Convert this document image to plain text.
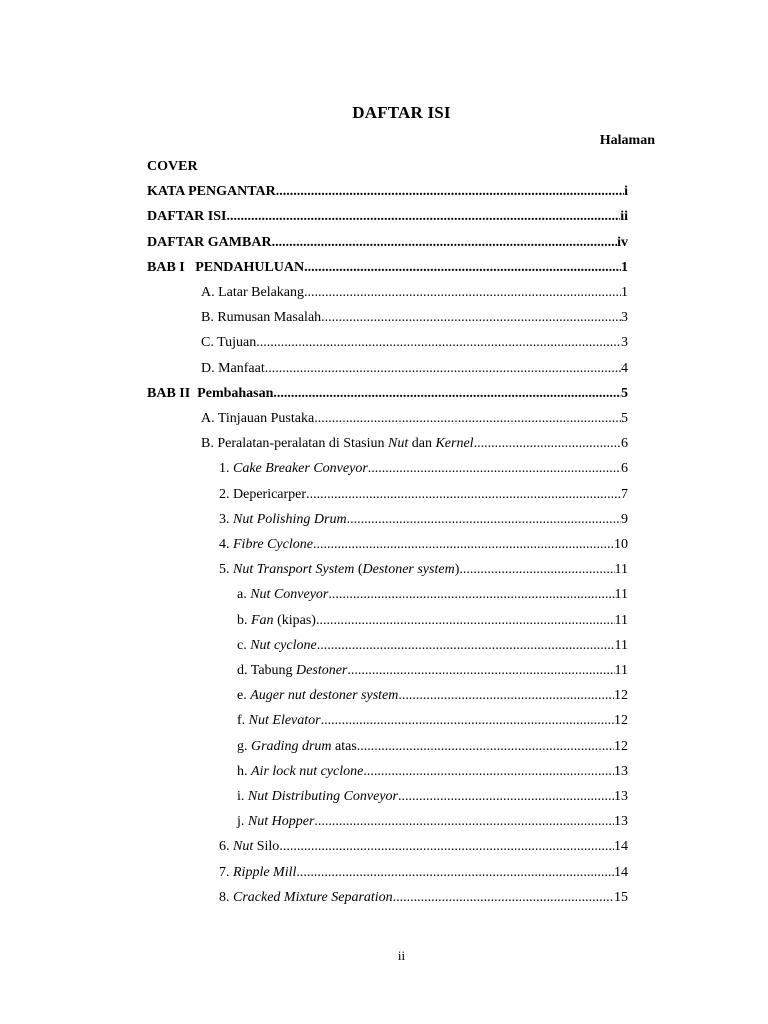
DAFTAR ISI
Halaman
COVER
KATA PENGANTAR .....	i
DAFTAR ISI .....	ii
DAFTAR GAMBAR .....	iv
BAB I   PENDAHULUAN .....	1
A. Latar Belakang .....	1
B. Rumusan Masalah .....	3
C. Tujuan .....	3
D. Manfaat .....	4
BAB II  Pembahasan .....	5
A. Tinjauan Pustaka .....	5
B. Peralatan-peralatan di Stasiun Nut dan Kernel .....	6
1. Cake Breaker Conveyor .....	6
2. Depericarper .....	7
3. Nut Polishing Drum .....	9
4. Fibre Cyclone .....	10
5. Nut Transport System (Destoner system) .....	11
a. Nut Conveyor .....	11
b. Fan (kipas) .....	11
c. Nut cyclone .....	11
d. Tabung Destoner .....	11
e. Auger nut destoner system .....	12
f. Nut Elevator .....	12
g. Grading drum atas .....	12
h. Air lock nut cyclone .....	13
i. Nut Distributing Conveyor .....	13
j. Nut Hopper .....	13
6. Nut Silo .....	14
7. Ripple Mill .....	14
8. Cracked Mixture Separation .....	15
ii
